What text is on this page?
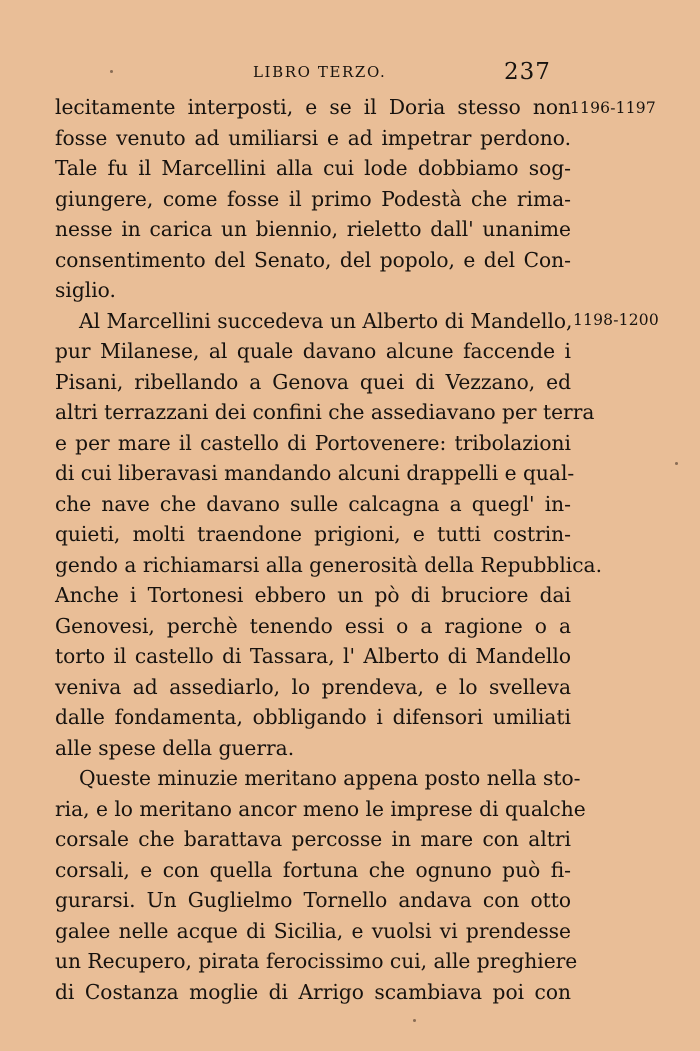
LIBRO TERZO.	237
lecitamente interposti, e se il Doria stesso non
fosse venuto ad umiliarsi e ad impetrar perdono.
Tale fu il Marcellini alla cui lode dobbiamo sog-
giungere, come fosse il primo Podestà che rima-
nesse in carica un biennio, rieletto dall' unanime
consentimento del Senato, del popolo, e del Con-
siglio.
Al Marcellini succedeva un Alberto di Mandello,
pur Milanese, al quale davano alcune faccende i
Pisani, ribellando a Genova quei di Vezzano, ed
altri terrazzani dei confini che assediavano per terra
e per mare il castello di Portovenere: tribolazioni
di cui liberavasi mandando alcuni drappelli e qual-
che nave che davano sulle calcagna a quegl' in-
quieti, molti traendone prigioni, e tutti costrin-
gendo a richiamarsi alla generosità della Repubblica.
Anche i Tortonesi ebbero un pò di bruciore dai
Genovesi, perchè tenendo essi o a ragione o a
torto il castello di Tassara, l' Alberto di Mandello
veniva ad assediarlo, lo prendeva, e lo svelleva
dalle fondamenta, obbligando i difensori umiliati
alle spese della guerra.
Queste minuzie meritano appena posto nella sto-
ria, e lo meritano ancor meno le imprese di qualche
corsale che barattava percosse in mare con altri
corsali, e con quella fortuna che ognuno può fi-
gurarsi. Un Guglielmo Tornello andava con otto
galee nelle acque di Sicilia, e vuolsi vi prendesse
un Recupero, pirata ferocissimo cui, alle preghiere
di Costanza moglie di Arrigo scambiava poi con
1196-1197
1198-1200
